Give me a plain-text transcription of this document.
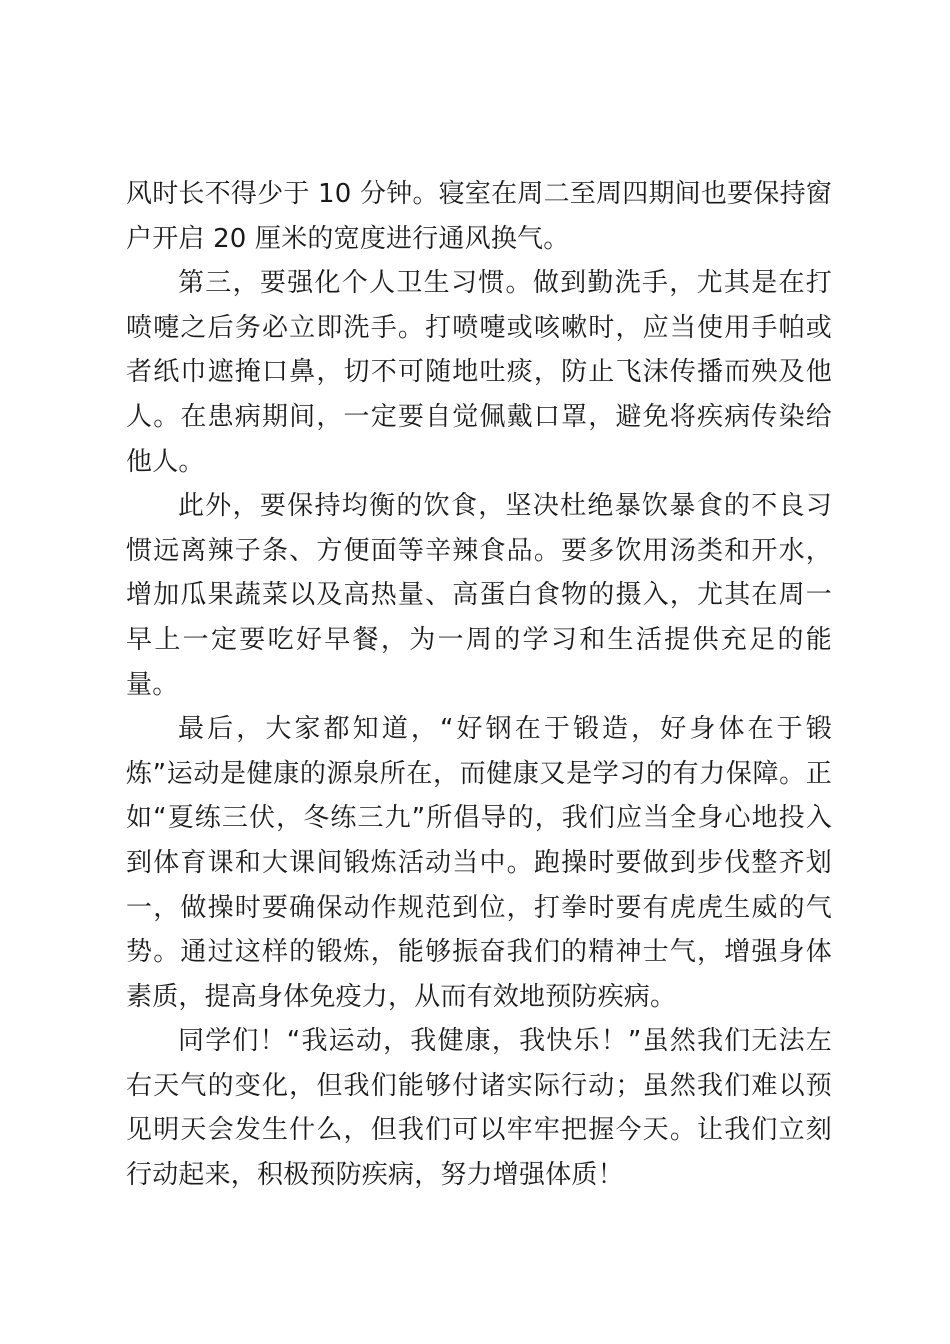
风时长不得少于 10 分钟。寝室在周二至周四期间也要保持窗户开启 20 厘米的宽度进行通风换气。

第三，要强化个人卫生习惯。做到勤洗手，尤其是在打喷嚏之后务必立即洗手。打喷嚏或咳嗽时，应当使用手帕或者纸巾遮掩口鼻，切不可随地吐痰，防止飞沫传播而殃及他人。在患病期间，一定要自觉佩戴口罩，避免将疾病传染给他人。

此外，要保持均衡的饮食，坚决杜绝暴饮暴食的不良习惯远离辣子条、方便面等辛辣食品。要多饮用汤类和开水，增加瓜果蔬菜以及高热量、高蛋白食物的摄入，尤其在周一早上一定要吃好早餐，为一周的学习和生活提供充足的能量。

最后，大家都知道，“好钢在于锻造，好身体在于锻炼”运动是健康的源泉所在，而健康又是学习的有力保障。正如“夏练三伏，冬练三九”所倡导的，我们应当全身心地投入到体育课和大课间锻炼活动当中。跑操时要做到步伐整齐划一，做操时要确保动作规范到位，打拳时要有虎虎生威的气势。通过这样的锻炼，能够振奋我们的精神士气，增强身体素质，提高身体免疫力，从而有效地预防疾病。

同学们！“我运动，我健康，我快乐！”虽然我们无法左右天气的变化，但我们能够付诸实际行动；虽然我们难以预见明天会发生什么，但我们可以牢牢把握今天。让我们立刻行动起来，积极预防疾病，努力增强体质！
